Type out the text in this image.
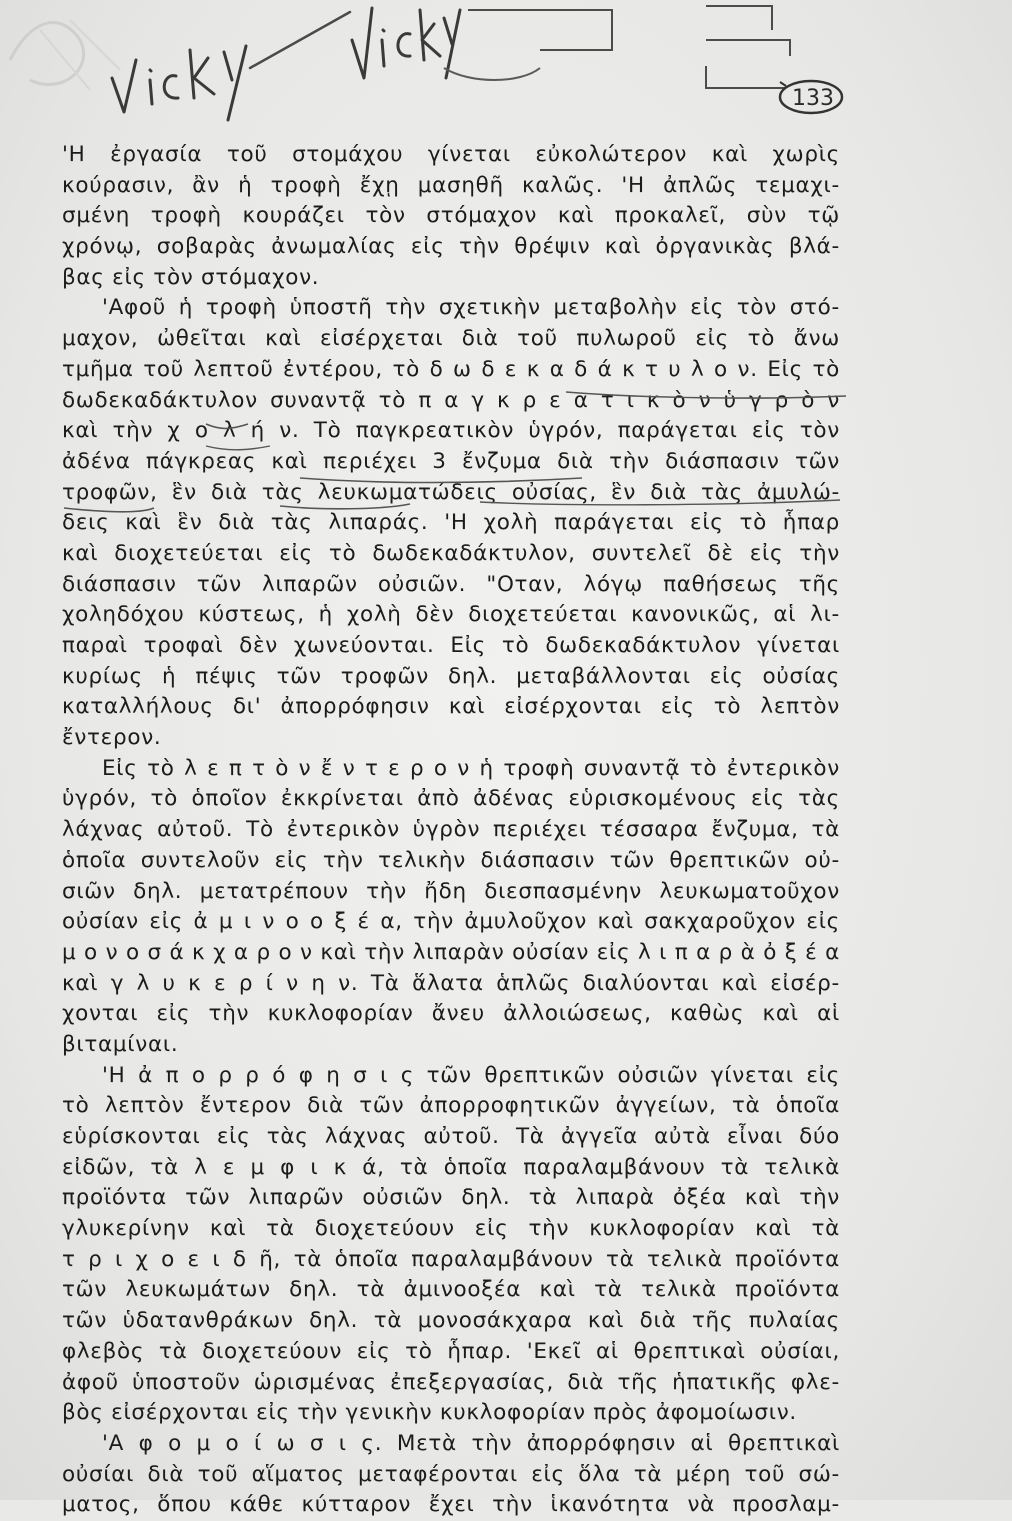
133
'Η ἐργασία τοῦ στομάχου γίνεται εὐκολώτερον καὶ χωρὶς
κούρασιν, ἂν ἡ τροφὴ ἔχῃ μασηθῆ καλῶς. 'Η ἀπλῶς τεμαχι-
σμένη τροφὴ κουράζει τὸν στόμαχον καὶ προκαλεῖ, σὺν τῷ
χρόνῳ, σοβαρὰς ἀνωμαλίας εἰς τὴν θρέψιν καὶ ὀργανικὰς βλά-
βας εἰς τὸν στόμαχον.
'Αφοῦ ἡ τροφὴ ὑποστῆ τὴν σχετικὴν μεταβολὴν εἰς τὸν στό-
μαχον, ὠθεῖται καὶ εἰσέρχεται διὰ τοῦ πυλωροῦ εἰς τὸ ἄνω
τμῆμα τοῦ λεπτοῦ ἐντέρου, τὸ δ ω δ ε κ α δ ά κ τ υ λ ο ν. Εἰς τὸ
δωδεκαδάκτυλον συναντᾷ τὸ π α γ κ ρ ε α τ ι κ ὸ ν ὑ γ ρ ὸ ν
καὶ τὴν χ ο λ ή ν. Τὸ παγκρεατικὸν ὑγρόν, παράγεται εἰς τὸν
ἀδένα πάγκρεας καὶ περιέχει 3 ἔνζυμα διὰ τὴν διάσπασιν τῶν
τροφῶν, ἓν διὰ τὰς λευκωματώδεις οὐσίας, ἓν διὰ τὰς ἀμυλώ-
δεις καὶ ἓν διὰ τὰς λιπαράς. 'Η χολὴ παράγεται εἰς τὸ ἧπαρ
καὶ διοχετεύεται εἰς τὸ δωδεκαδάκτυλον, συντελεῖ δὲ εἰς τὴν
διάσπασιν τῶν λιπαρῶν οὐσιῶν. "Οταν, λόγῳ παθήσεως τῆς
χοληδόχου κύστεως, ἡ χολὴ δὲν διοχετεύεται κανονικῶς, αἱ λι-
παραὶ τροφαὶ δὲν χωνεύονται. Εἰς τὸ δωδεκαδάκτυλον γίνεται
κυρίως ἡ πέψις τῶν τροφῶν δηλ. μεταβάλλονται εἰς οὐσίας
καταλλήλους δι' ἀπορρόφησιν καὶ εἰσέρχονται εἰς τὸ λεπτὸν
ἔντερον.
Εἰς τὸ λ ε π τ ὸ ν ἔ ν τ ε ρ ο ν ἡ τροφὴ συναντᾷ τὸ ἐντερικὸν
ὑγρόν, τὸ ὁποῖον ἐκκρίνεται ἀπὸ ἀδένας εὑρισκομένους εἰς τὰς
λάχνας αὐτοῦ. Τὸ ἐντερικὸν ὑγρὸν περιέχει τέσσαρα ἔνζυμα, τὰ
ὁποῖα συντελοῦν εἰς τὴν τελικὴν διάσπασιν τῶν θρεπτικῶν οὐ-
σιῶν δηλ. μετατρέπουν τὴν ἤδη διεσπασμένην λευκωματοῦχον
οὐσίαν εἰς ἀ μ ι ν ο ο ξ έ α, τὴν ἀμυλοῦχον καὶ σακχαροῦχον εἰς
μ ο ν ο σ ά κ χ α ρ ο ν καὶ τὴν λιπαρὰν οὐσίαν εἰς λ ι π α ρ ὰ ὀ ξ έ α
καὶ γ λ υ κ ε ρ ί ν η ν. Τὰ ἅλατα ἁπλῶς διαλύονται καὶ εἰσέρ-
χονται εἰς τὴν κυκλοφορίαν ἄνευ ἀλλοιώσεως, καθὼς καὶ αἱ
βιταμίναι.
'Η ἀ π ο ρ ρ ό φ η σ ι ς τῶν θρεπτικῶν οὐσιῶν γίνεται εἰς
τὸ λεπτὸν ἔντερον διὰ τῶν ἀπορροφητικῶν ἀγγείων, τὰ ὁποῖα
εὑρίσκονται εἰς τὰς λάχνας αὐτοῦ. Τὰ ἀγγεῖα αὐτὰ εἶναι δύο
εἰδῶν, τὰ λ ε μ φ ι κ ά, τὰ ὁποῖα παραλαμβάνουν τὰ τελικὰ
προϊόντα τῶν λιπαρῶν οὐσιῶν δηλ. τὰ λιπαρὰ ὀξέα καὶ τὴν
γλυκερίνην καὶ τὰ διοχετεύουν εἰς τὴν κυκλοφορίαν καὶ τὰ
τ ρ ι χ ο ε ι δ ῆ, τὰ ὁποῖα παραλαμβάνουν τὰ τελικὰ προϊόντα
τῶν λευκωμάτων δηλ. τὰ ἀμινοοξέα καὶ τὰ τελικὰ προϊόντα
τῶν ὑδατανθράκων δηλ. τὰ μονοσάκχαρα καὶ διὰ τῆς πυλαίας
φλεβὸς τὰ διοχετεύουν εἰς τὸ ἧπαρ. 'Εκεῖ αἱ θρεπτικαὶ οὐσίαι,
ἀφοῦ ὑποστοῦν ὡρισμένας ἐπεξεργασίας, διὰ τῆς ἡπατικῆς φλε-
βὸς εἰσέρχονται εἰς τὴν γενικὴν κυκλοφορίαν πρὸς ἀφομοίωσιν.
'Α φ ο μ ο ί ω σ ι ς. Μετὰ τὴν ἀπορρόφησιν αἱ θρεπτικαὶ
οὐσίαι διὰ τοῦ αἵματος μεταφέρονται εἰς ὅλα τὰ μέρη τοῦ σώ-
ματος, ὅπου κάθε κύτταρον ἔχει τὴν ἱκανότητα νὰ προσλαμ-
